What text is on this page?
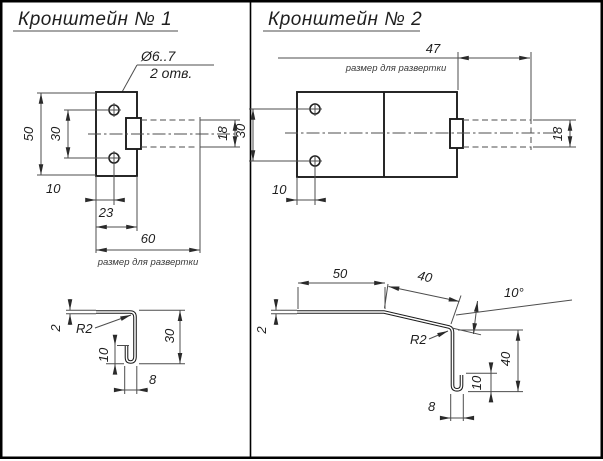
Кронштейн № 1
Ø6..7
2 отв.
50 30	18
10
23
60
размер для развертки
2 R2
10
8
30
Кронштейн № 2
47
размер для развертки
30
10
18
50	40
10°
R2
40
10
8
2
